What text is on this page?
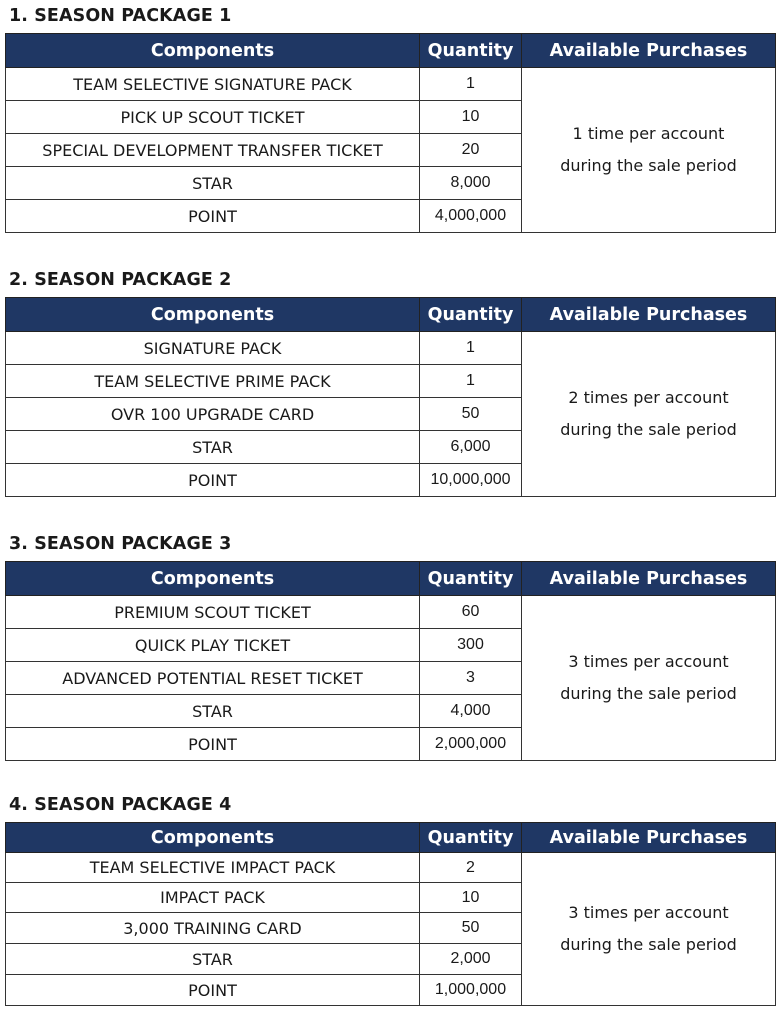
1. SEASON PACKAGE 1
Components	Quantity	Available Purchases
TEAM SELECTIVE SIGNATURE PACK	1	1 time per account
during the sale period

PICK UP SCOUT TICKET	10	
SPECIAL DEVELOPMENT TRANSFER TICKET	20	
STAR	8,000	
POINT	4,000,000	
2. SEASON PACKAGE 2
Components	Quantity	Available Purchases
SIGNATURE PACK	1	2 times per account
during the sale period

TEAM SELECTIVE PRIME PACK	1	
OVR 100 UPGRADE CARD	50	
STAR	6,000	
POINT	10,000,000	
3. SEASON PACKAGE 3
Components	Quantity	Available Purchases
PREMIUM SCOUT TICKET	60	3 times per account
during the sale period

QUICK PLAY TICKET	300	
ADVANCED POTENTIAL RESET TICKET	3	
STAR	4,000	
POINT	2,000,000	
4. SEASON PACKAGE 4
Components	Quantity	Available Purchases
TEAM SELECTIVE IMPACT PACK	2	3 times per account
during the sale period

IMPACT PACK	10	
3,000 TRAINING CARD	50	
STAR	2,000	
POINT	1,000,000	
